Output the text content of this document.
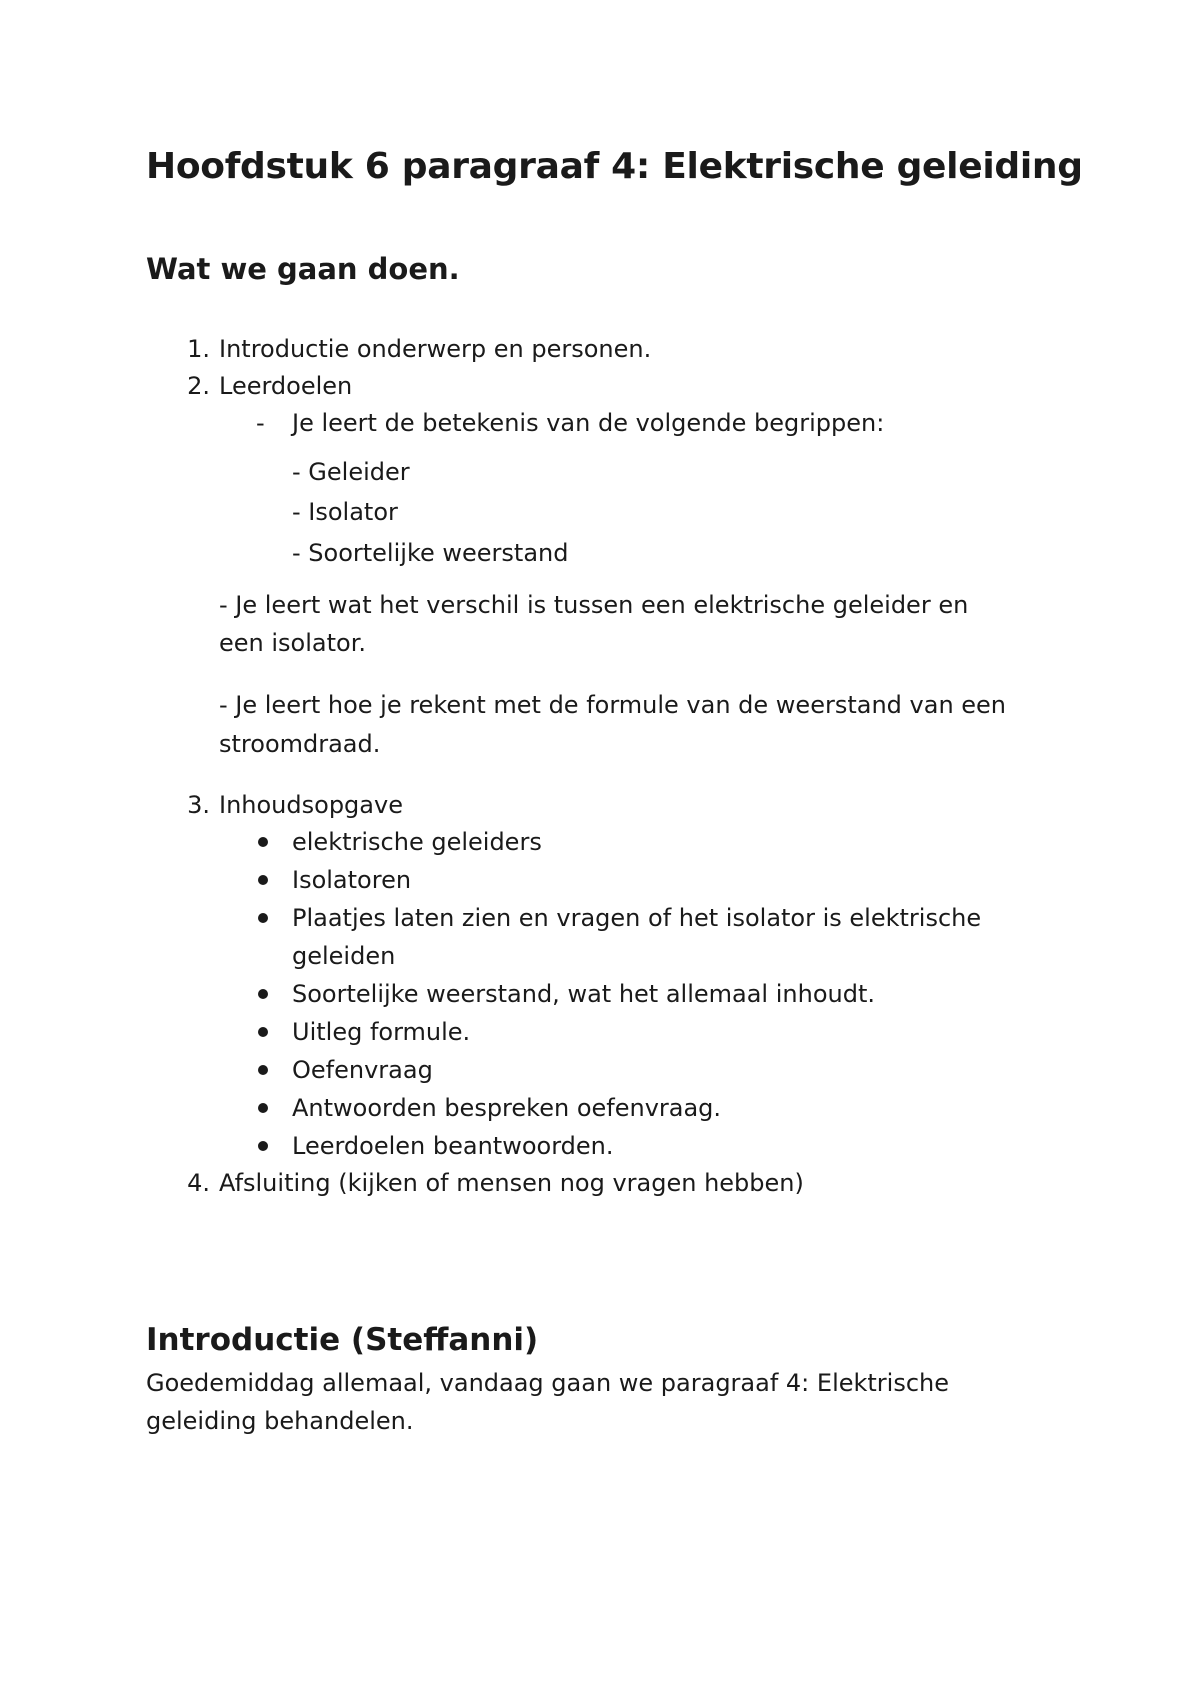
Hoofdstuk 6 paragraaf 4: Elektrische geleiding
Wat we gaan doen.
1. Introductie onderwerp en personen.
2. Leerdoelen
- Je leert de betekenis van de volgende begrippen:
- Geleider
- Isolator
- Soortelijke weerstand
- Je leert wat het verschil is tussen een elektrische geleider en
een isolator.
- Je leert hoe je rekent met de formule van de weerstand van een
stroomdraad.
3. Inhoudsopgave
elektrische geleiders
Isolatoren
Plaatjes laten zien en vragen of het isolator is elektrische
geleiden
Soortelijke weerstand, wat het allemaal inhoudt.
Uitleg formule.
Oefenvraag
Antwoorden bespreken oefenvraag.
Leerdoelen beantwoorden.
4. Afsluiting (kijken of mensen nog vragen hebben)
Introductie (Steffanni)
Goedemiddag allemaal, vandaag gaan we paragraaf 4: Elektrische
geleiding behandelen.
